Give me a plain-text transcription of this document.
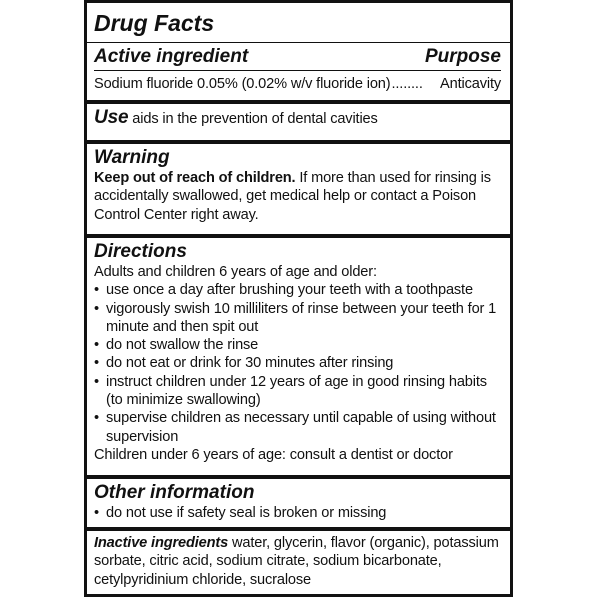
Drug Facts
Active ingredient	Purpose
Sodium fluoride 0.05% (0.02% w/v fluoride ion) ........	Anticavity
Use aids in the prevention of dental cavities
Warning
Keep out of reach of children. If more than used for rinsing is accidentally swallowed, get medical help or contact a Poison Control Center right away.
Directions
Adults and children 6 years of age and older:
• use once a day after brushing your teeth with a toothpaste
• vigorously swish 10 milliliters of rinse between your teeth for 1 minute and then spit out
• do not swallow the rinse
• do not eat or drink for 30 minutes after rinsing
• instruct children under 12 years of age in good rinsing habits (to minimize swallowing)
• supervise children as necessary until capable of using without supervision
Children under 6 years of age: consult a dentist or doctor
Other information
• do not use if safety seal is broken or missing
Inactive ingredients water, glycerin, flavor (organic), potassium sorbate, citric acid, sodium citrate, sodium bicarbonate, cetylpyridinium chloride, sucralose
